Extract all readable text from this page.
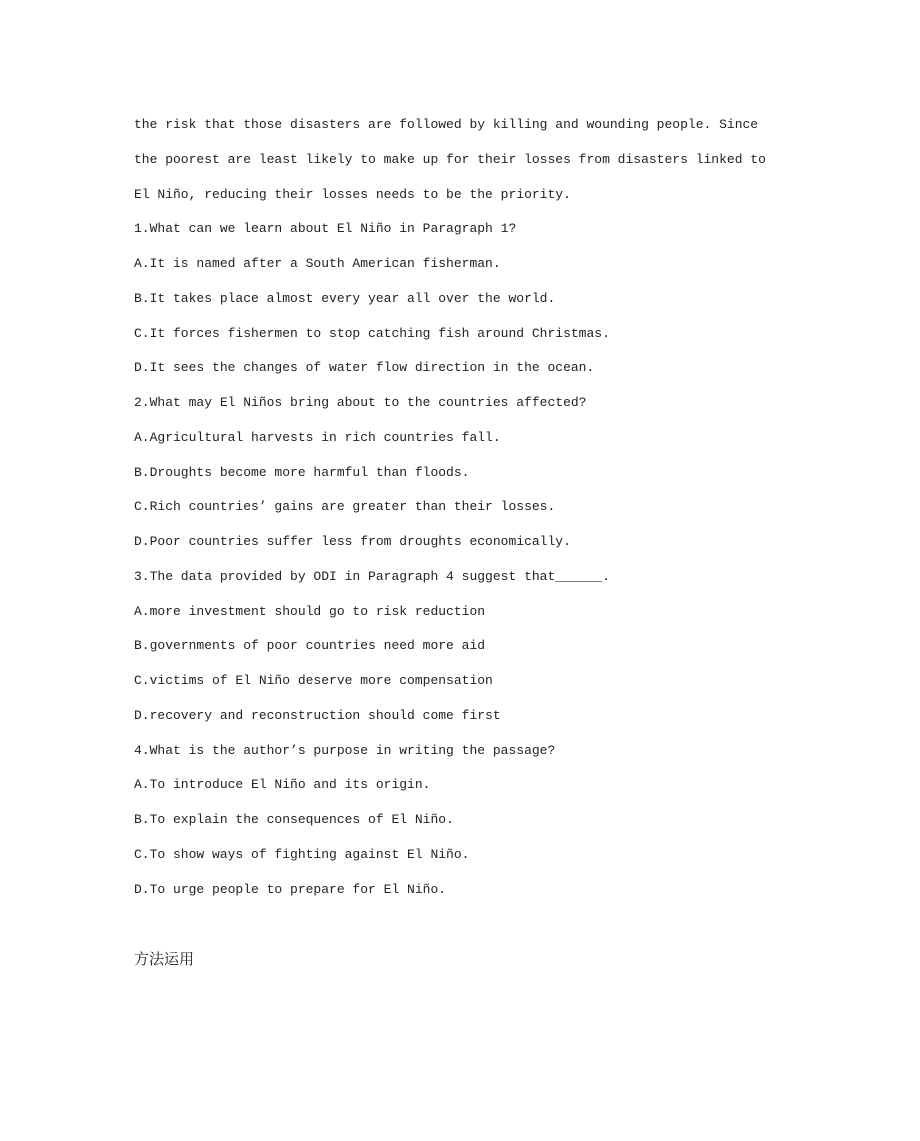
the risk that those disasters are followed by killing and wounding people. Since
the poorest are least likely to make up for their losses from disasters linked to
El Niño, reducing their losses needs to be the priority.
1.What can we learn about El Niño in Paragraph 1?
A.It is named after a South American fisherman.
B.It takes place almost every year all over the world.
C.It forces fishermen to stop catching fish around Christmas.
D.It sees the changes of water flow direction in the ocean.
2.What may El Niños bring about to the countries affected?
A.Agricultural harvests in rich countries fall.
B.Droughts become more harmful than floods.
C.Rich countries’ gains are greater than their losses.
D.Poor countries suffer less from droughts economically.
3.The data provided by ODI in Paragraph 4 suggest that______.
A.more investment should go to risk reduction
B.governments of poor countries need more aid
C.victims of El Niño deserve more compensation
D.recovery and reconstruction should come first
4.What is the author’s purpose in writing the passage?
A.To introduce El Niño and its origin.
B.To explain the consequences of El Niño.
C.To show ways of fighting against El Niño.
D.To urge people to prepare for El Niño.
方法运用
